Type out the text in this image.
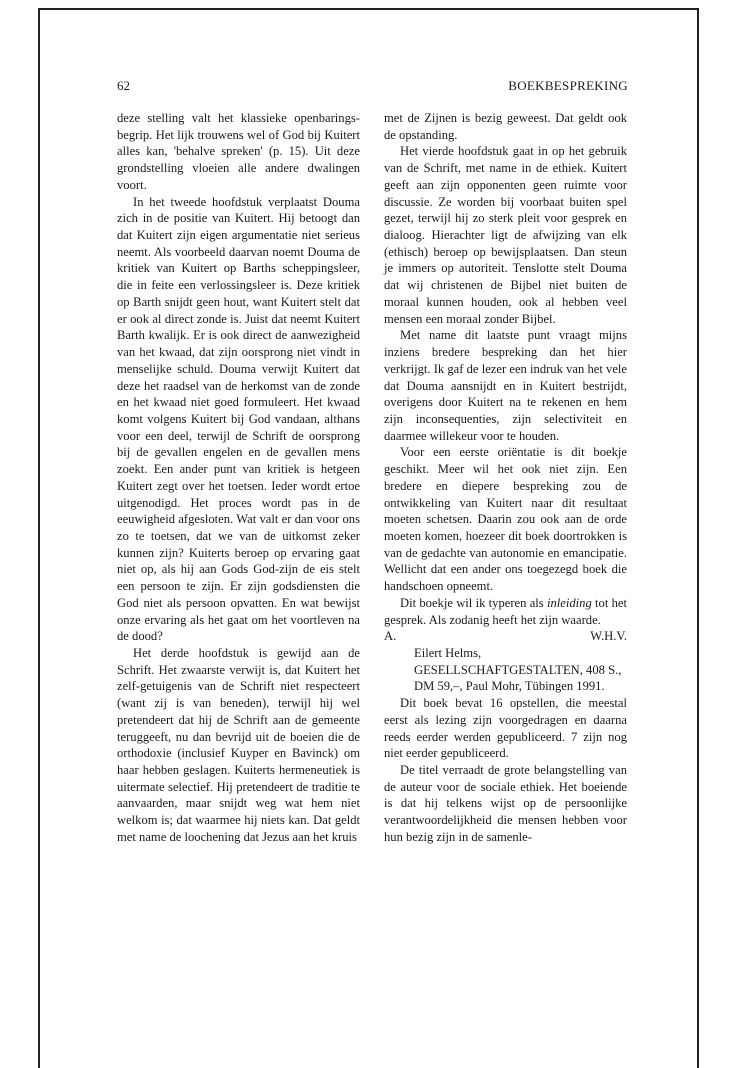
62	BOEKBESPREKING

deze stelling valt het klassieke openbaringsbegrip. Het lijk trouwens wel of God bij Kuitert alles kan, 'behalve spreken' (p. 15). Uit deze grondstelling vloeien alle andere dwalingen voort.

In het tweede hoofdstuk verplaatst Douma zich in de positie van Kuitert. Hij betoogt dan dat Kuitert zijn eigen argumentatie niet serieus neemt. Als voorbeeld daarvan noemt Douma de kritiek van Kuitert op Barths scheppingsleer, die in feite een verlossingsleer is. Deze kritiek op Barth snijdt geen hout, want Kuitert stelt dat er ook al direct zonde is. Juist dat neemt Kuitert Barth kwalijk. Er is ook direct de aanwezigheid van het kwaad, dat zijn oorsprong niet vindt in menselijke schuld. Douma verwijt Kuitert dat deze het raadsel van de herkomst van de zonde en het kwaad niet goed formuleert. Het kwaad komt volgens Kuitert bij God vandaan, althans voor een deel, terwijl de Schrift de oorsprong bij de gevallen engelen en de gevallen mens zoekt. Een ander punt van kritiek is hetgeen Kuitert zegt over het toetsen. Ieder wordt ertoe uitgenodigd. Het proces wordt pas in de eeuwigheid afgesloten. Wat valt er dan voor ons zo te toetsen, dat we van de uitkomst zeker kunnen zijn? Kuiterts beroep op ervaring gaat niet op, als hij aan Gods God-zijn de eis stelt een persoon te zijn. Er zijn godsdiensten die God niet als persoon opvatten. En wat bewijst onze ervaring als het gaat om het voortleven na de dood?

Het derde hoofdstuk is gewijd aan de Schrift. Het zwaarste verwijt is, dat Kuitert het zelf-getuigenis van de Schrift niet respecteert (want zij is van beneden), terwijl hij wel pretendeert dat hij de Schrift aan de gemeente teruggeeft, nu dan bevrijd uit de boeien die de orthodoxie (inclusief Kuyper en Bavinck) om haar hebben geslagen. Kuiterts hermeneutiek is uitermate selectief. Hij pretendeert de traditie te aanvaarden, maar snijdt weg wat hem niet welkom is; dat waarmee hij niets kan. Dat geldt met name de loochening dat Jezus aan het kruis

met de Zijnen is bezig geweest. Dat geldt ook de opstanding.

Het vierde hoofdstuk gaat in op het gebruik van de Schrift, met name in de ethiek. Kuitert geeft aan zijn opponenten geen ruimte voor discussie. Ze worden bij voorbaat buiten spel gezet, terwijl hij zo sterk pleit voor gesprek en dialoog. Hierachter ligt de afwijzing van elk (ethisch) beroep op bewijsplaatsen. Dan steun je immers op autoriteit. Tenslotte stelt Douma dat wij christenen de Bijbel niet buiten de moraal kunnen houden, ook al hebben veel mensen een moraal zonder Bijbel.

Met name dit laatste punt vraagt mijns inziens bredere bespreking dan het hier verkrijgt. Ik gaf de lezer een indruk van het vele dat Douma aansnijdt en in Kuitert bestrijdt, overigens door Kuitert na te rekenen en hem zijn inconsequenties, zijn selectiviteit en daarmee willekeur voor te houden.

Voor een eerste oriëntatie is dit boekje geschikt. Meer wil het ook niet zijn. Een bredere en diepere bespreking zou de ontwikkeling van Kuitert naar dit resultaat moeten schetsen. Daarin zou ook aan de orde moeten komen, hoezeer dit boek doortrokken is van de gedachte van autonomie en emancipatie. Wellicht dat een ander ons toegezegd boek die handschoen opneemt.

Dit boekje wil ik typeren als inleiding tot het gesprek. Als zodanig heeft het zijn waarde.

A.	W.H.V.

Eilert Helms, GESELLSCHAFTGESTALTEN, 408 S., DM 59,–, Paul Mohr, Tübingen 1991.

Dit boek bevat 16 opstellen, die meestal eerst als lezing zijn voorgedragen en daarna reeds eerder werden gepubliceerd. 7 zijn nog niet eerder gepubliceerd.

De titel verraadt de grote belangstelling van de auteur voor de sociale ethiek. Het boeiende is dat hij telkens wijst op de persoonlijke verantwoordelijkheid die mensen hebben voor hun bezig zijn in de samenle-
